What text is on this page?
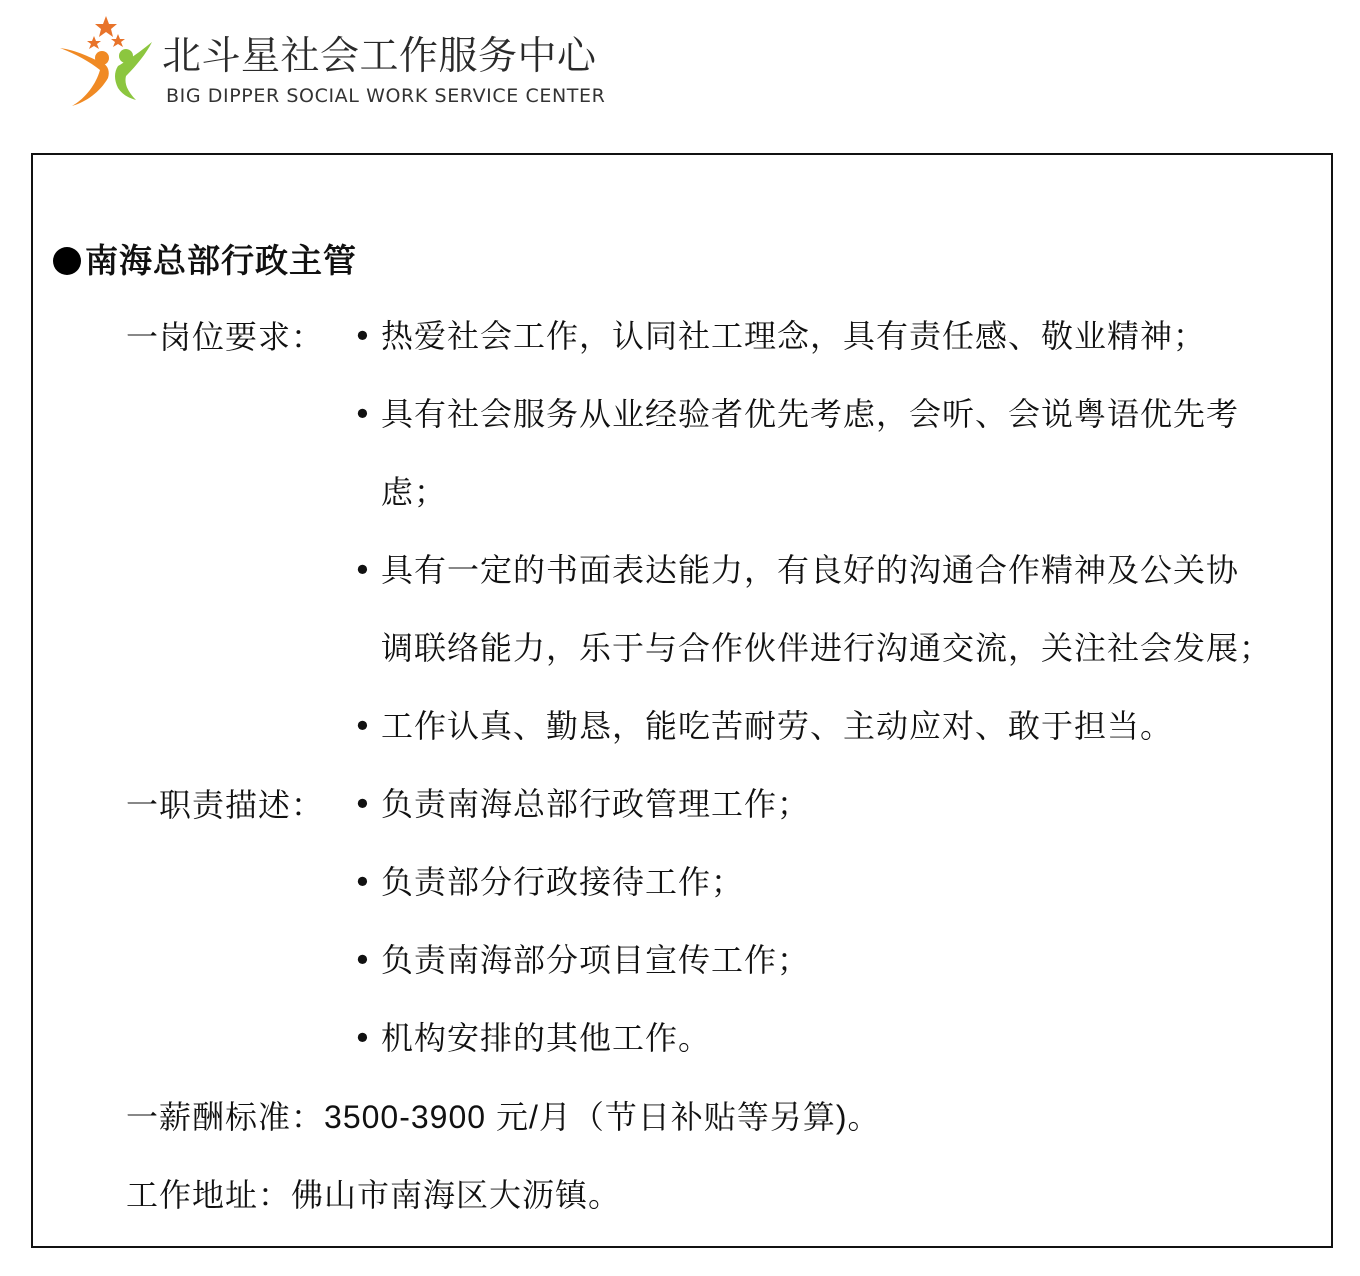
北斗星社会工作服务中心
BIG DIPPER SOCIAL WORK SERVICE CENTER
南海总部行政主管
一岗位要求： • 热爱社会工作，认同社工理念，具有责任感、敬业精神；
• 具有社会服务从业经验者优先考虑，会听、会说粤语优先考
虑；
• 具有一定的书面表达能力，有良好的沟通合作精神及公关协
调联络能力，乐于与合作伙伴进行沟通交流，关注社会发展；
• 工作认真、勤恳，能吃苦耐劳、主动应对、敢于担当。
一职责描述： • 负责南海总部行政管理工作；
• 负责部分行政接待工作；
• 负责南海部分项目宣传工作；
• 机构安排的其他工作。
一薪酬标准：3500-3900 元/月（节日补贴等另算)。
工作地址：佛山市南海区大沥镇。
